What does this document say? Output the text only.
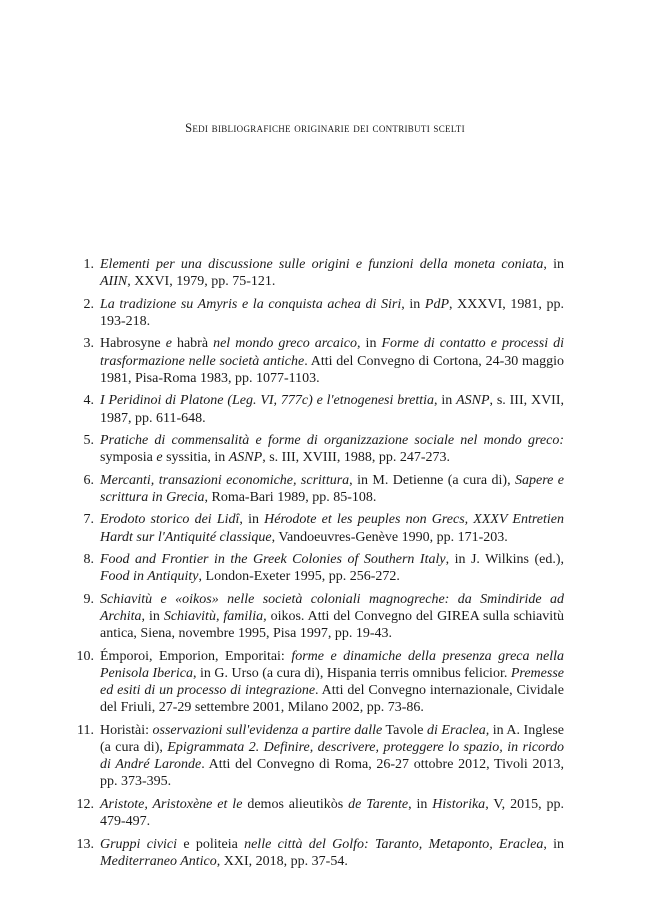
Sedi bibliografiche originarie dei contributi scelti
1. Elementi per una discussione sulle origini e funzioni della moneta coniata, in AIIN, XXVI, 1979, pp. 75-121.
2. La tradizione su Amyris e la conquista achea di Siri, in PdP, XXXVI, 1981, pp. 193-218.
3. Habrosyne e habrà nel mondo greco arcaico, in Forme di contatto e processi di trasformazione nelle società antiche. Atti del Convegno di Cortona, 24-30 maggio 1981, Pisa-Roma 1983, pp. 1077-1103.
4. I Peridinoi di Platone (Leg. VI, 777c) e l'etnogenesi brettia, in ASNP, s. III, XVII, 1987, pp. 611-648.
5. Pratiche di commensalità e forme di organizzazione sociale nel mondo greco: symposia e syssitia, in ASNP, s. III, XVIII, 1988, pp. 247-273.
6. Mercanti, transazioni economiche, scrittura, in M. Detienne (a cura di), Sapere e scrittura in Grecia, Roma-Bari 1989, pp. 85-108.
7. Erodoto storico dei Lidî, in Hérodote et les peuples non Grecs, XXXV Entretien Hardt sur l'Antiquité classique, Vandoeuvres-Genève 1990, pp. 171-203.
8. Food and Frontier in the Greek Colonies of Southern Italy, in J. Wilkins (ed.), Food in Antiquity, London-Exeter 1995, pp. 256-272.
9. Schiavitù e «oikos» nelle società coloniali magnogreche: da Smindiride ad Archita, in Schiavitù, familia, oikos. Atti del Convegno del GIREA sulla schiavitù antica, Siena, novembre 1995, Pisa 1997, pp. 19-43.
10. Émporoi, Emporion, Emporitai: forme e dinamiche della presenza greca nella Penisola Iberica, in G. Urso (a cura di), Hispania terris omnibus felicior. Premesse ed esiti di un processo di integrazione. Atti del Convegno internazionale, Cividale del Friuli, 27-29 settembre 2001, Milano 2002, pp. 73-86.
11. Horistài: osservazioni sull'evidenza a partire dalle Tavole di Eraclea, in A. Inglese (a cura di), Epigrammata 2. Definire, descrivere, proteggere lo spazio, in ricordo di André Laronde. Atti del Convegno di Roma, 26-27 ottobre 2012, Tivoli 2013, pp. 373-395.
12. Aristote, Aristoxène et le demos alieutikòs de Tarente, in Historika, V, 2015, pp. 479-497.
13. Gruppi civici e politeia nelle città del Golfo: Taranto, Metaponto, Eraclea, in Mediterraneo Antico, XXI, 2018, pp. 37-54.
